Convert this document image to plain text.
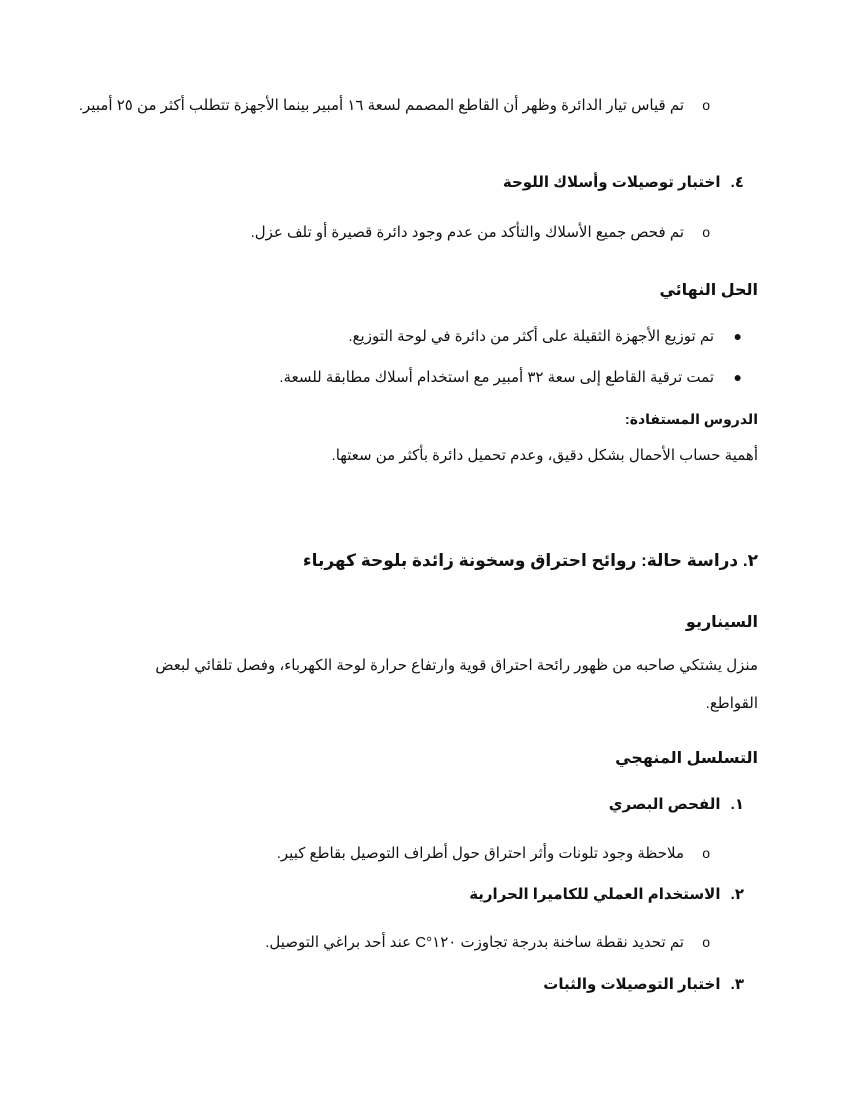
oتم قياس تيار الدائرة وظهر أن القاطع المصمم لسعة ١٦ أمبير بينما الأجهزة تتطلب أكثر من ٢٥ أمبير.
٤. اختبار توصيلات وأسلاك اللوحة
oتم فحص جميع الأسلاك والتأكد من عدم وجود دائرة قصيرة أو تلف عزل.
الحل النهائي
●تم توزيع الأجهزة الثقيلة على أكثر من دائرة في لوحة التوزيع.
●تمت ترقية القاطع إلى سعة ٣٢ أمبير مع استخدام أسلاك مطابقة للسعة.
الدروس المستفادة:
أهمية حساب الأحمال بشكل دقيق، وعدم تحميل دائرة بأكثر من سعتها.
٢. دراسة حالة: روائح احتراق وسخونة زائدة بلوحة كهرباء
السيناريو
منزل يشتكي صاحبه من ظهور رائحة احتراق قوية وارتفاع حرارة لوحة الكهرباء، وفصل تلقائي لبعض القواطع.
التسلسل المنهجي
١. الفحص البصري
oملاحظة وجود تلونات وأثر احتراق حول أطراف التوصيل بقاطع كبير.
٢. الاستخدام العملي للكاميرا الحرارية
oتم تحديد نقطة ساخنة بدرجة تجاوزت ١٢٠°C عند أحد براغي التوصيل.
٣. اختبار التوصيلات والثبات
